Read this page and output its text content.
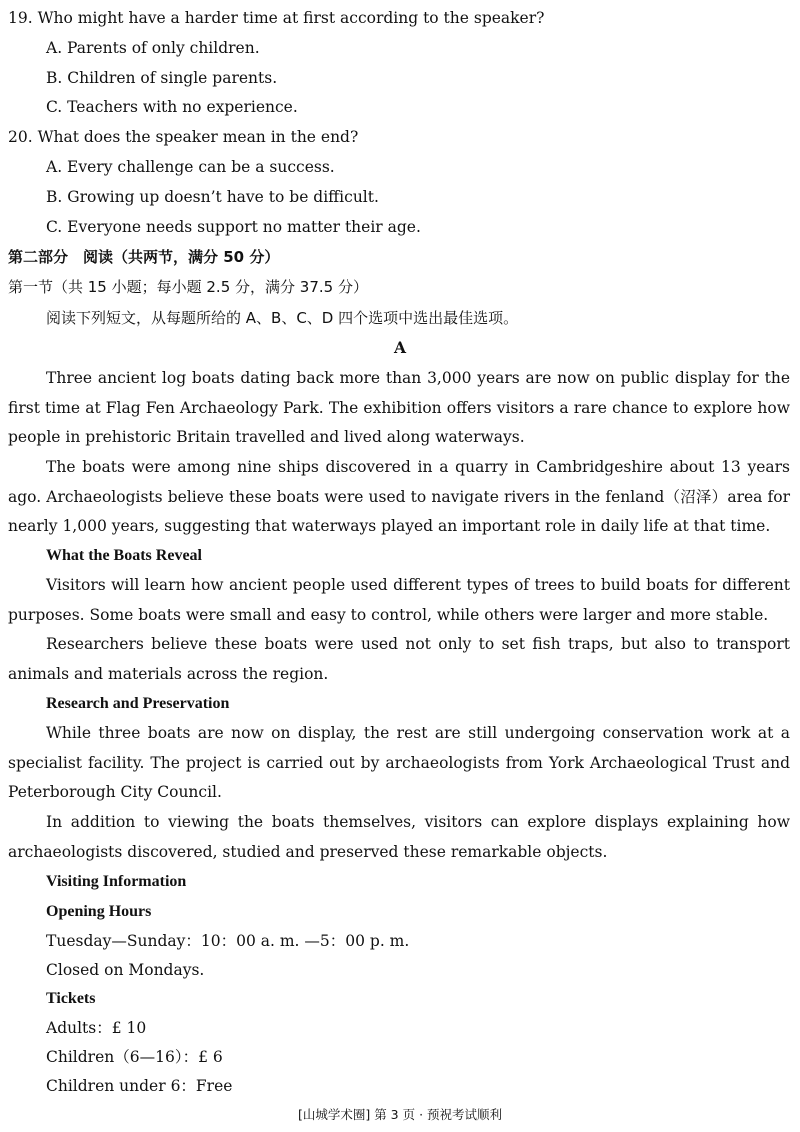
19. Who might have a harder time at first according to the speaker?
A. Parents of only children.
B. Children of single parents.
C. Teachers with no experience.
20. What does the speaker mean in the end?
A. Every challenge can be a success.
B. Growing up doesn’t have to be difficult.
C. Everyone needs support no matter their age.
第二部分　阅读（共两节，满分 50 分）
第一节（共 15 小题；每小题 2.5 分，满分 37.5 分）
阅读下列短文，从每题所给的 A、B、C、D 四个选项中选出最佳选项。
A
Three ancient log boats dating back more than 3,000 years are now on public display for the first time at Flag Fen Archaeology Park. The exhibition offers visitors a rare chance to explore how people in prehistoric Britain travelled and lived along waterways.
The boats were among nine ships discovered in a quarry in Cambridgeshire about 13 years ago. Archaeologists believe these boats were used to navigate rivers in the fenland（沼泽）area for nearly 1,000 years, suggesting that waterways played an important role in daily life at that time.
What the Boats Reveal
Visitors will learn how ancient people used different types of trees to build boats for different purposes. Some boats were small and easy to control, while others were larger and more stable.
Researchers believe these boats were used not only to set fish traps, but also to transport animals and materials across the region.
Research and Preservation
While three boats are now on display, the rest are still undergoing conservation work at a specialist facility. The project is carried out by archaeologists from York Archaeological Trust and Peterborough City Council.
In addition to viewing the boats themselves, visitors can explore displays explaining how archaeologists discovered, studied and preserved these remarkable objects.
Visiting Information
Opening Hours
Tuesday—Sunday：10：00 a. m. —5：00 p. m.
Closed on Mondays.
Tickets
Adults：£ 10
Children（6—16）：£ 6
Children under 6：Free
[山城学术圈] 第 3 页 · 预祝考试顺利
